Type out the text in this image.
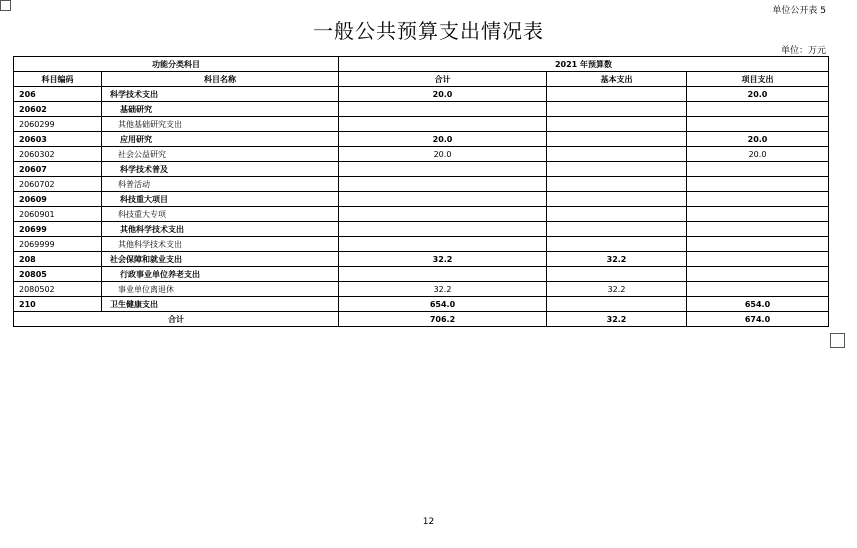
单位公开表 5
一般公共预算支出情况表
单位：万元
功能分类科目		2021 年预算数		
科目编码	科目名称	合计	基本支出	项目支出
206	科学技术支出	20.0		20.0
20602	基础研究			
2060299	其他基础研究支出			
20603	应用研究	20.0		20.0
2060302	社会公益研究	20.0		20.0
20607	科学技术普及			
2060702	科普活动			
20609	科技重大项目			
2060901	科技重大专项			
20699	其他科学技术支出			
2069999	其他科学技术支出			
208	社会保障和就业支出	32.2	32.2	
20805	行政事业单位养老支出			
2080502	事业单位离退休	32.2	32.2	
210	卫生健康支出	654.0		654.0
合计		706.2	32.2	674.0
12
